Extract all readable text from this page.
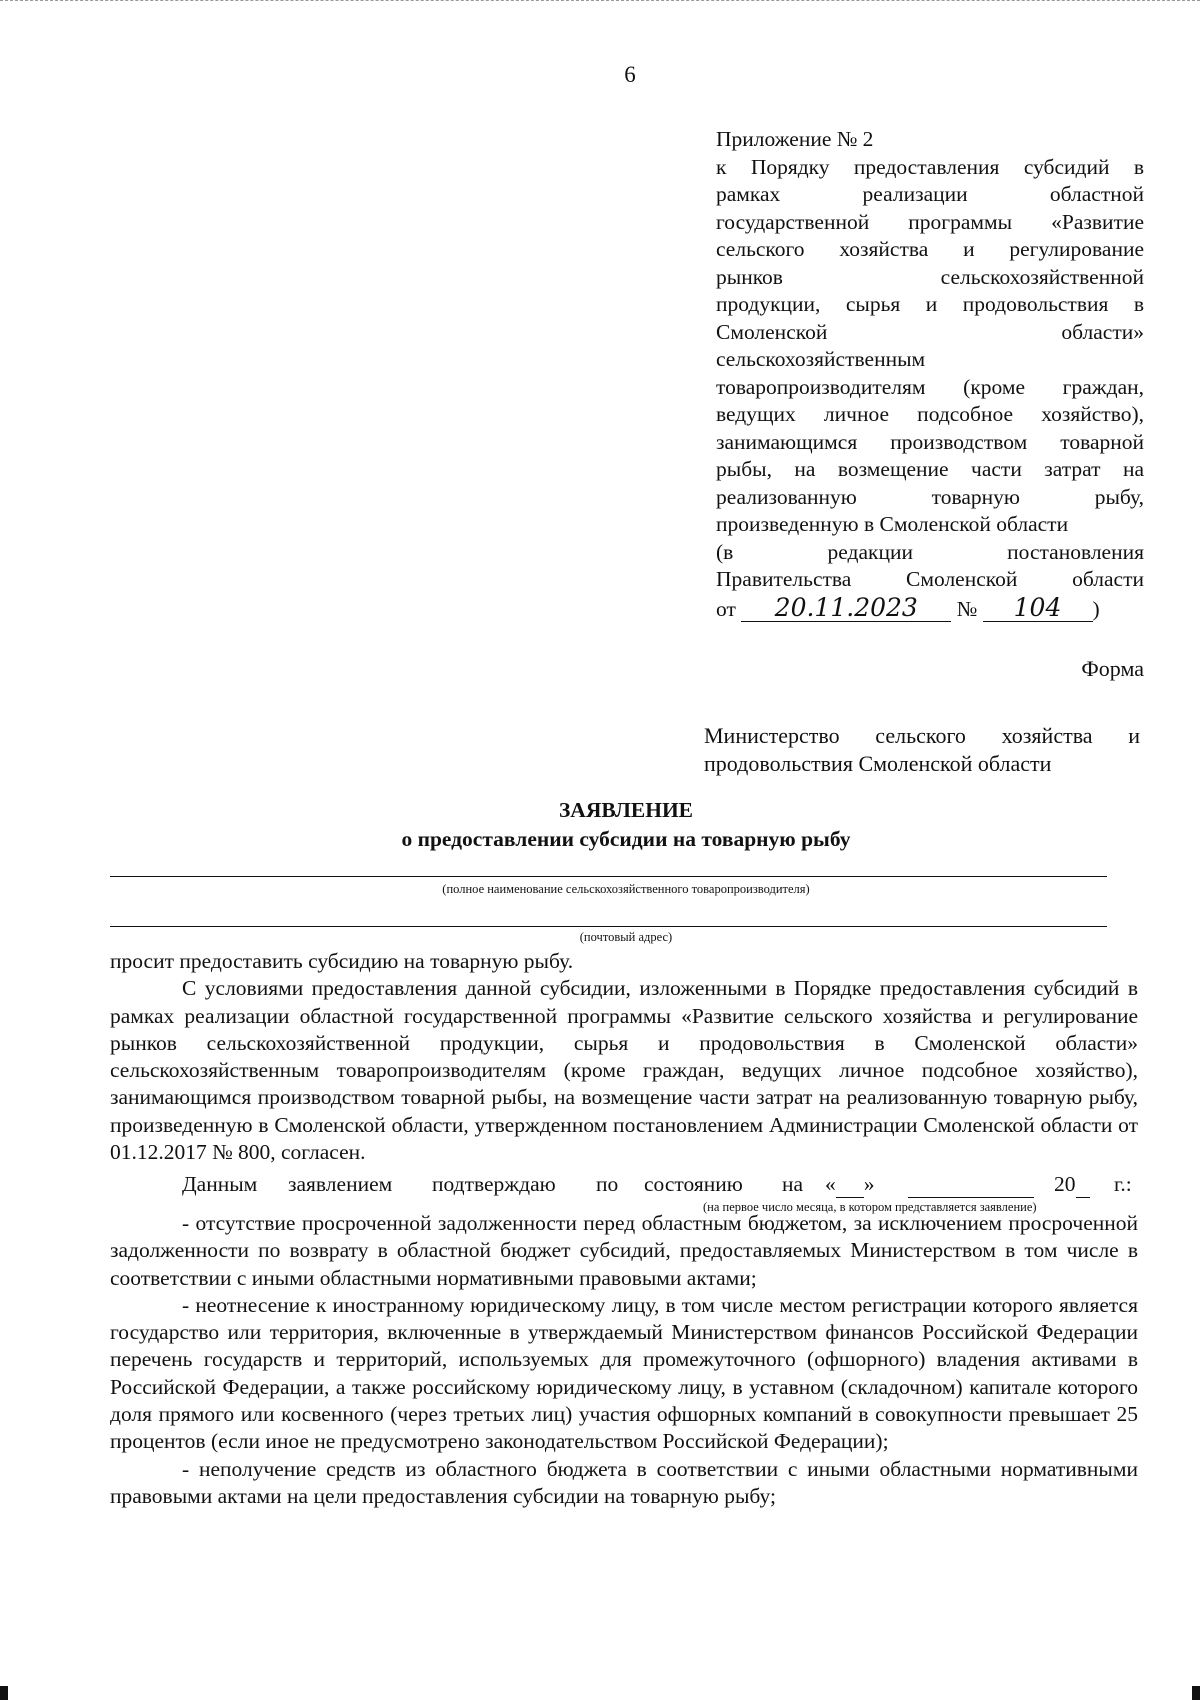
6

Приложение № 2

к Порядку предоставления субсидий в

рамках реализации областной

государственной программы «Развитие

сельского хозяйства и регулирование

рынков сельскохозяйственной

продукции, сырья и продовольствия в

Смоленской области»

сельскохозяйственным

товаропроизводителям (кроме граждан,

ведущих личное подсобное хозяйство),

занимающимся производством товарной

рыбы, на возмещение части затрат на

реализованную товарную рыбу,

произведенную в Смоленской области

(в редакции постановления

Правительства Смоленской области

от 20.11.2023 № 104 )

Форма
Министерство сельского хозяйства и
продовольствия Смоленской области
ЗАЯВЛЕНИЕ
о предоставлении субсидии на товарную рыбу
(полное наименование сельскохозяйственного товаропроизводителя)
(почтовый адрес)

просит предоставить субсидию на товарную рыбу.

С условиями предоставления данной субсидии, изложенными в Порядке предоставления субсидий в рамках реализации областной государственной программы «Развитие сельского хозяйства и регулирование рынков сельскохозяйственной продукции, сырья и продовольствия в Смоленской области» сельскохозяйственным товаропроизводителям (кроме граждан, ведущих личное подсобное хозяйство), занимающимся производством товарной рыбы, на возмещение части затрат на реализованную товарную рыбу, произведенную в Смоленской области, утвержденном постановлением Администрации Смоленской области от 01.12.2017 № 800, согласен.

Данным заявлением подтверждаю по состоянию на « »	20	г.:
(на первое число месяца, в котором представляется заявление)

- отсутствие просроченной задолженности перед областным бюджетом, за исключением просроченной задолженности по возврату в областной бюджет субсидий, предоставляемых Министерством в том числе в соответствии с иными областными нормативными правовыми актами;

- неотнесение к иностранному юридическому лицу, в том числе местом регистрации которого является государство или территория, включенные в утверждаемый Министерством финансов Российской Федерации перечень государств и территорий, используемых для промежуточного (офшорного) владения активами в Российской Федерации, а также российскому юридическому лицу, в уставном (складочном) капитале которого доля прямого или косвенного (через третьих лиц) участия офшорных компаний в совокупности превышает 25 процентов (если иное не предусмотрено законодательством Российской Федерации);

- неполучение средств из областного бюджета в соответствии с иными областными нормативными правовыми актами на цели предоставления субсидии на товарную рыбу;
